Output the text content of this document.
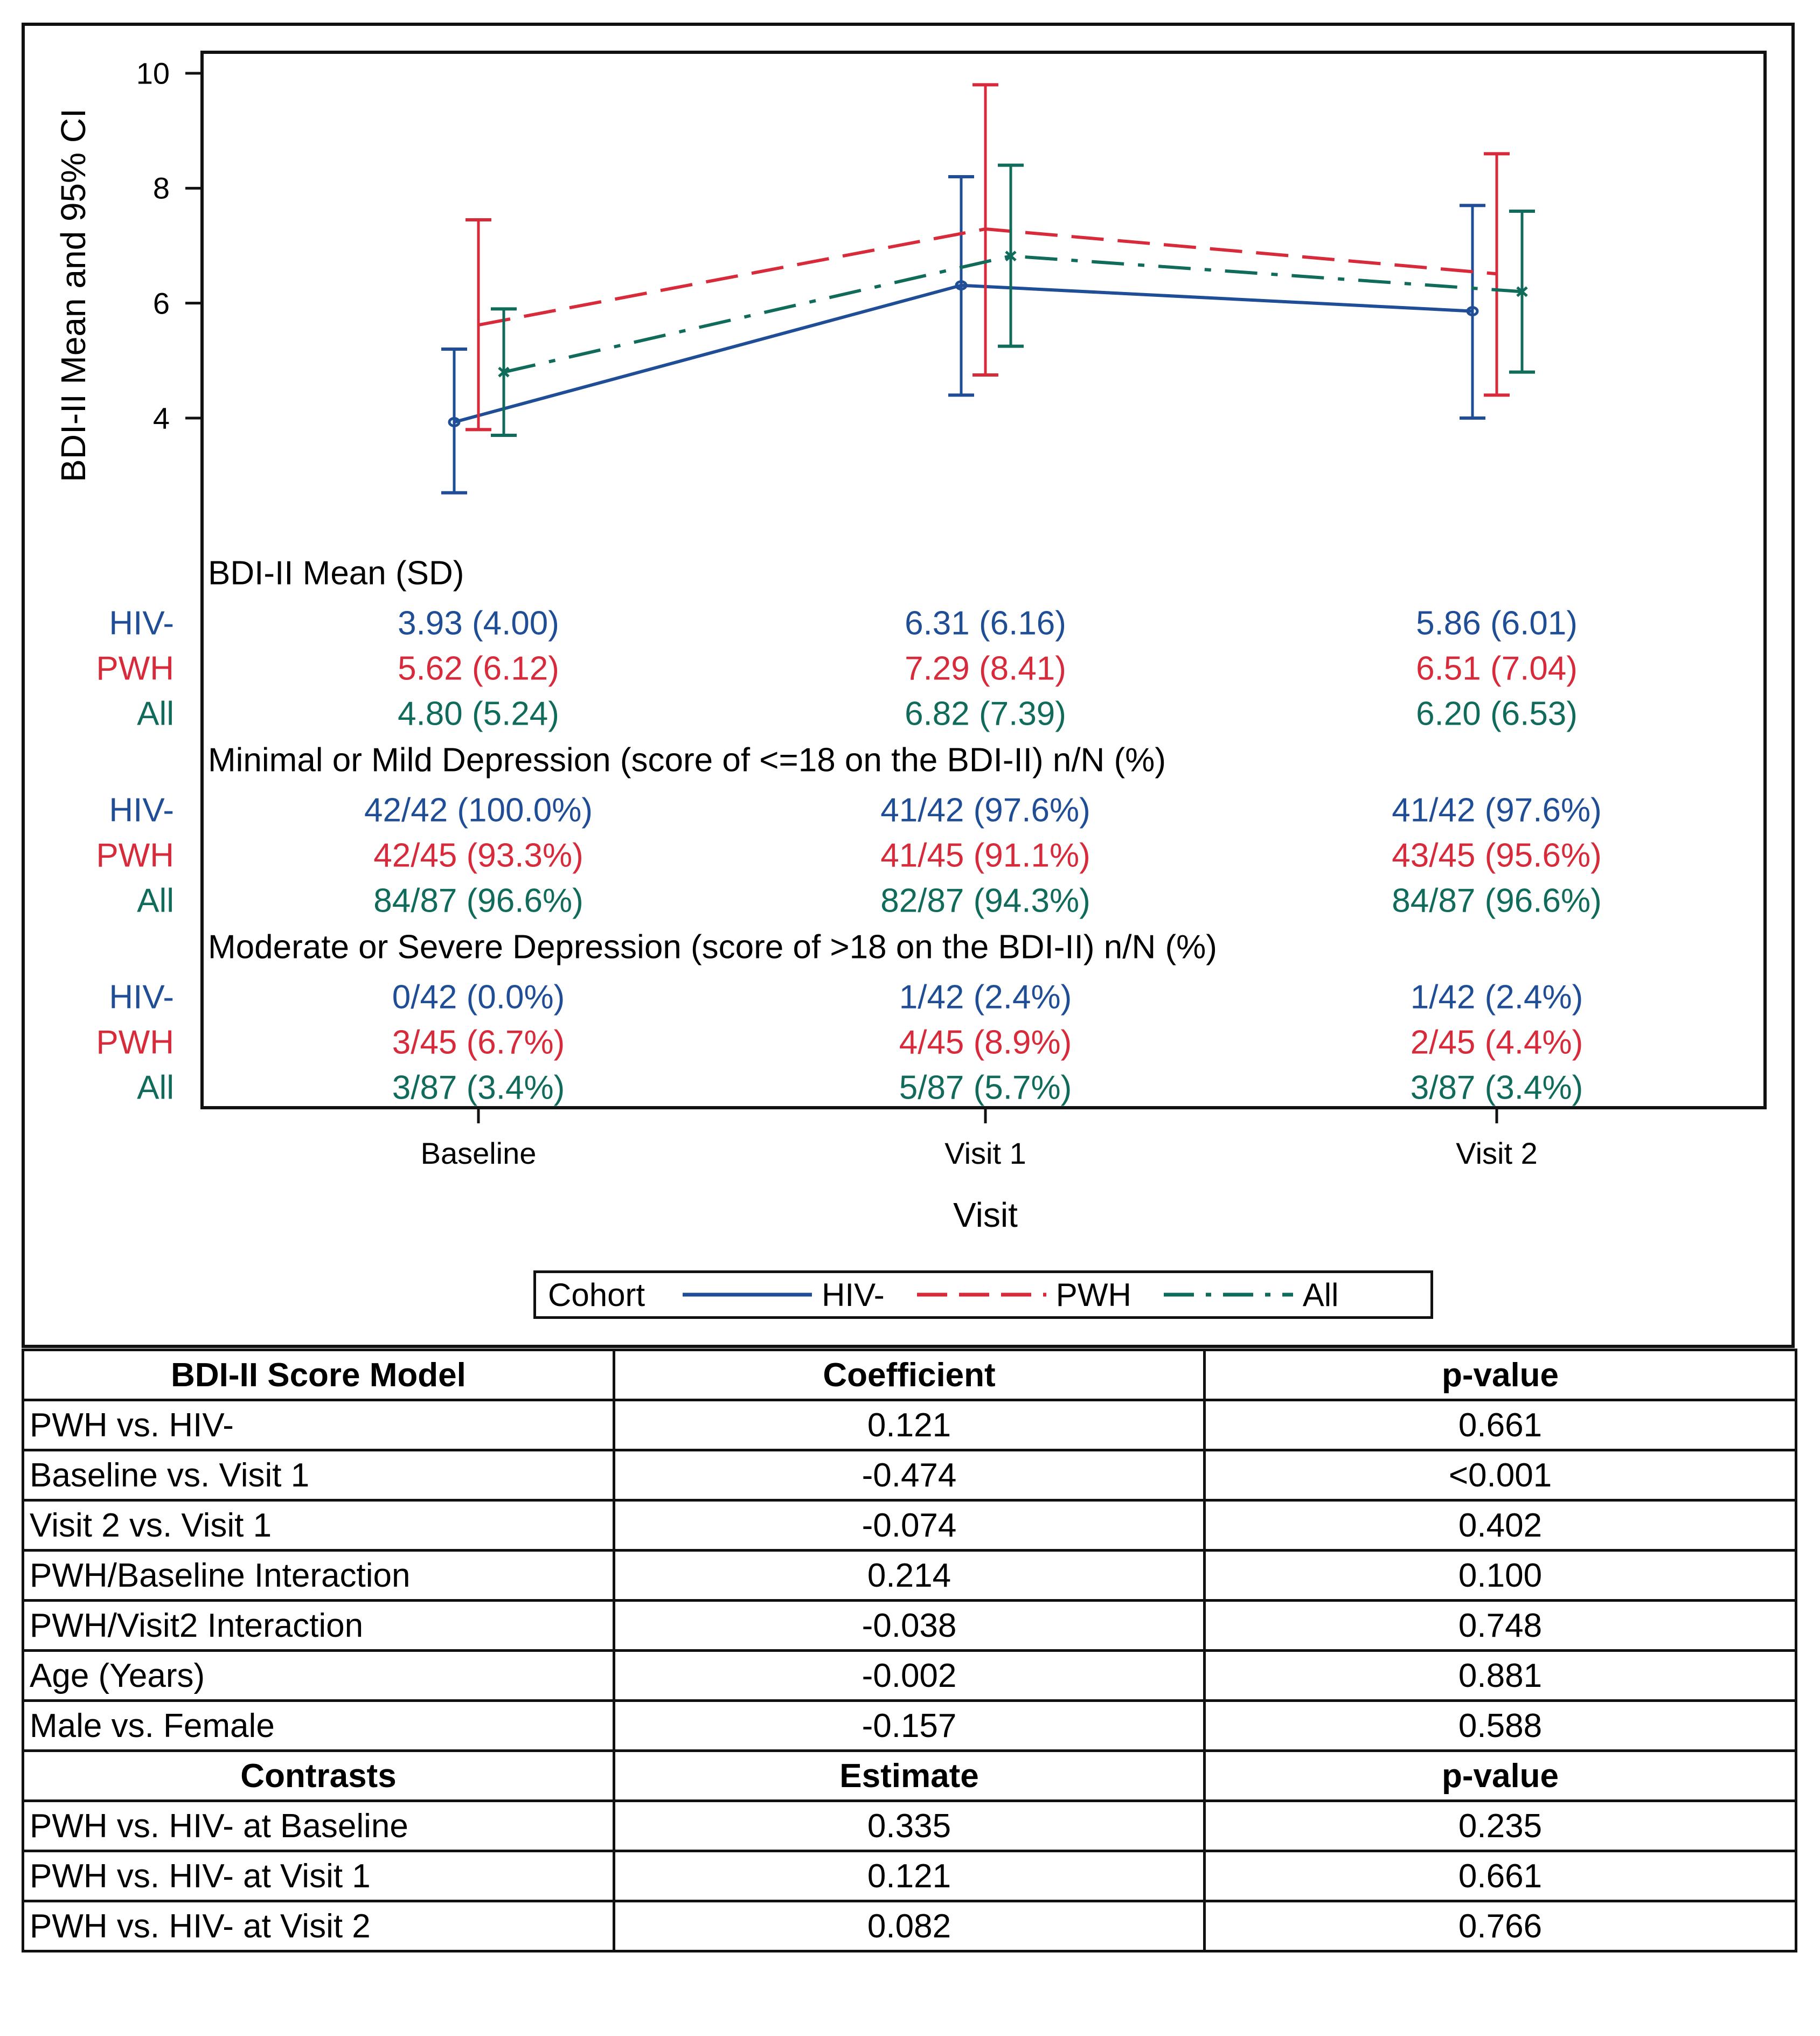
BDI-II Mean and 95% CI	4
6
8
10
BDI-II Mean (SD)
HIV-	3.93 (4.00)	6.31 (6.16)	5.86 (6.01)
PWH	5.62 (6.12)	7.29 (8.41)	6.51 (7.04)
All	4.80 (5.24)	6.82 (7.39)	6.20 (6.53)
Minimal or Mild Depression (score of <=18 on the BDI-II) n/N (%)
HIV-	42/42 (100.0%)	41/42 (97.6%)	41/42 (97.6%)
PWH	42/45 (93.3%)	41/45 (91.1%)	43/45 (95.6%)
All	84/87 (96.6%)	82/87 (94.3%)	84/87 (96.6%)
Moderate or Severe Depression (score of >18 on the BDI-II) n/N (%)
HIV-	0/42 (0.0%)	1/42 (2.4%)	1/42 (2.4%)
PWH	3/45 (6.7%)	4/45 (8.9%)	2/45 (4.4%)
All	3/87 (3.4%)	5/87 (5.7%)	3/87 (3.4%)
Baseline	Visit 1	Visit 2
Visit
Cohort	HIV-	PWH	All
BDI-II Score Model	Coefficient	p-value
PWH vs. HIV-	0.121	0.661
Baseline vs. Visit 1	-0.474	<0.001
Visit 2 vs. Visit 1	-0.074	0.402
PWH/Baseline Interaction	0.214	0.100
PWH/Visit2 Interaction	-0.038	0.748
Age (Years)	-0.002	0.881
Male vs. Female	-0.157	0.588
Contrasts	Estimate	p-value
PWH vs. HIV- at Baseline	0.335	0.235
PWH vs. HIV- at Visit 1	0.121	0.661
PWH vs. HIV- at Visit 2	0.082	0.766
